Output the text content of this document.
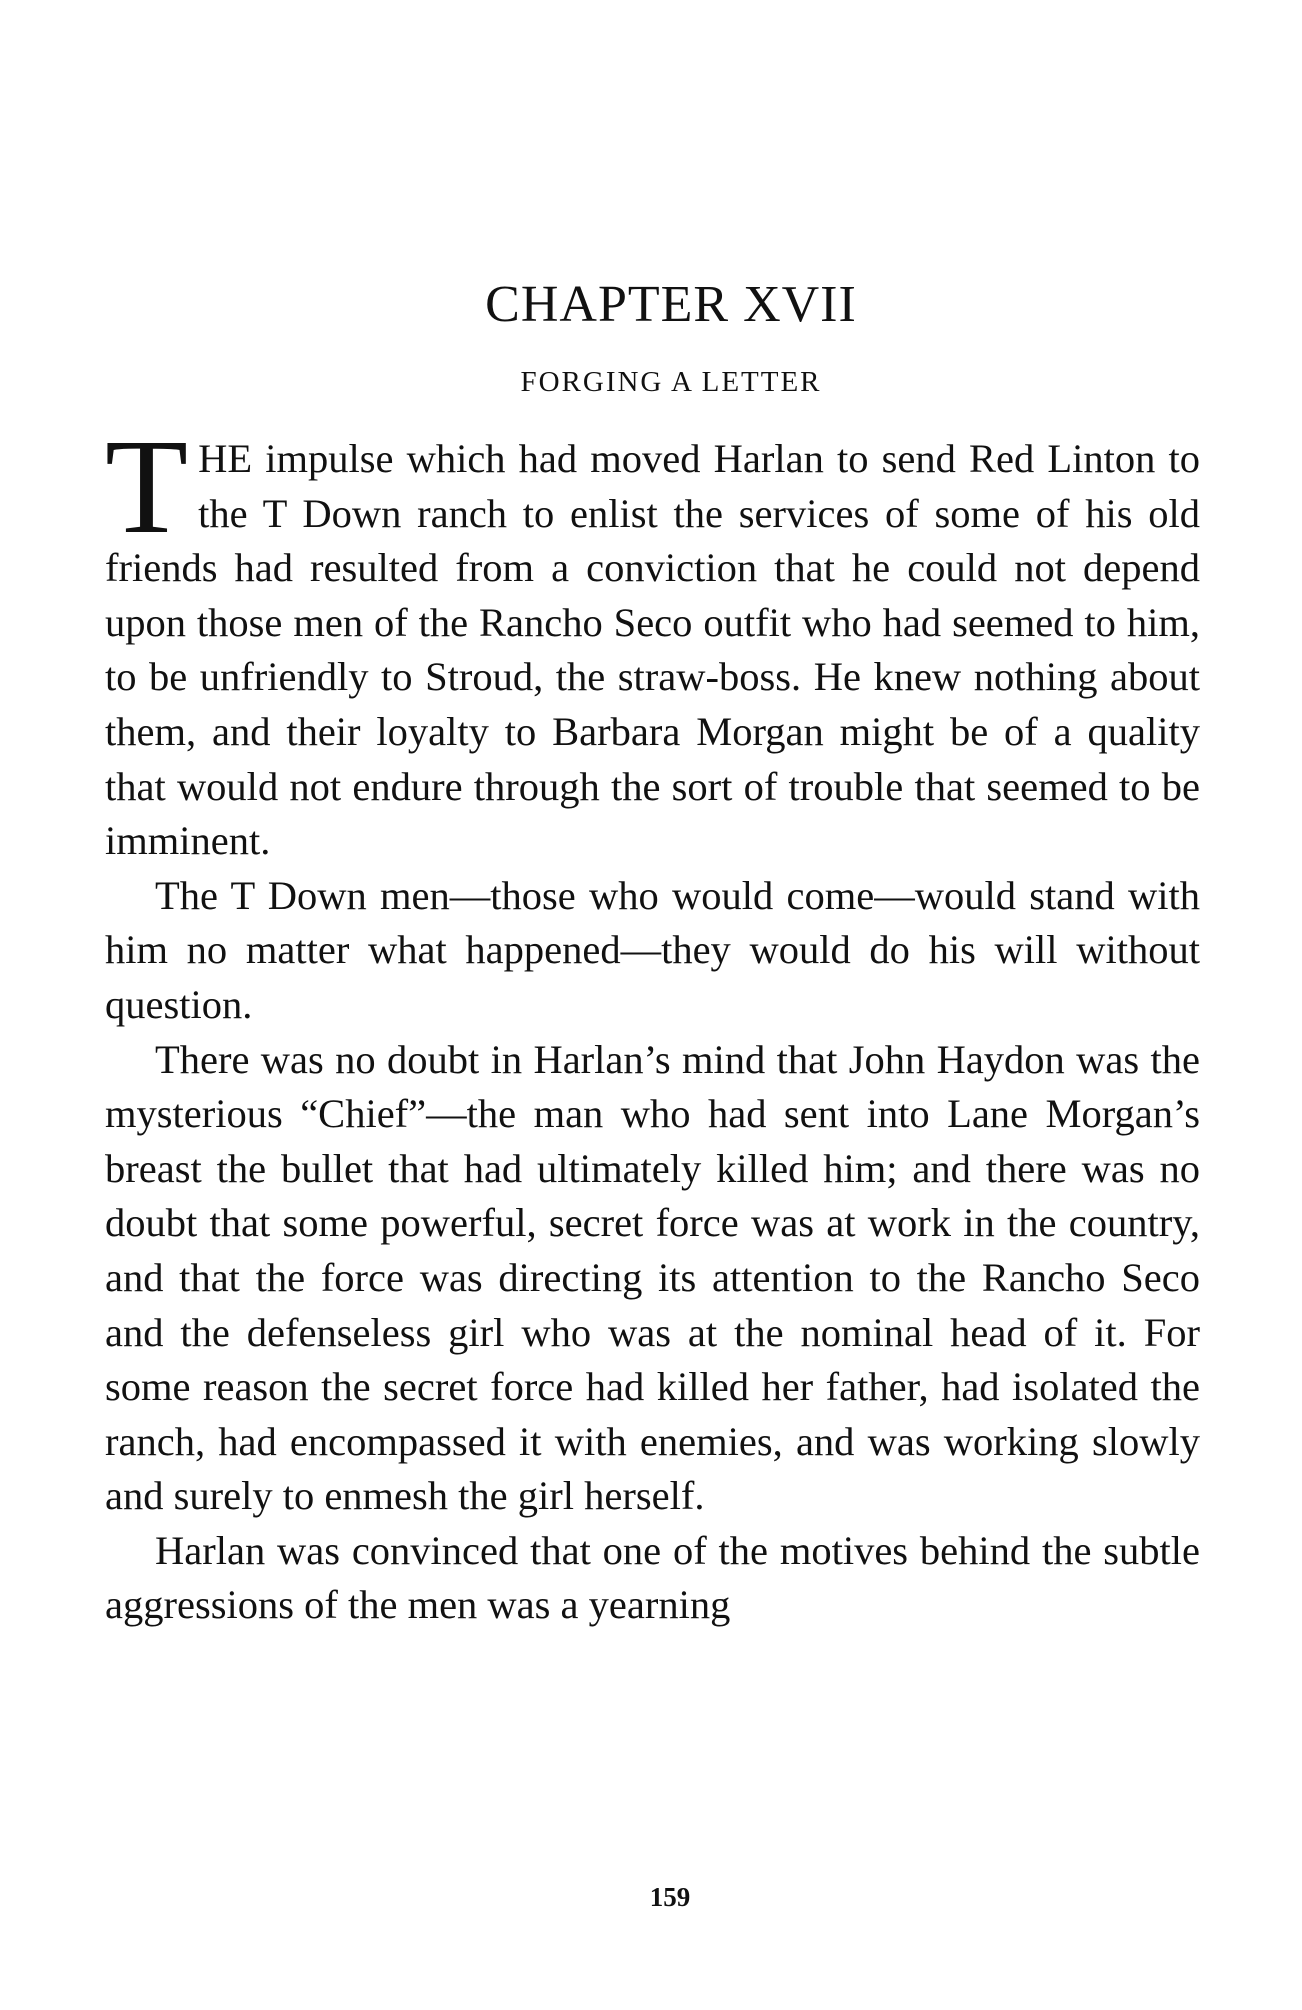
CHAPTER XVII
FORGING A LETTER

THE impulse which had moved Harlan to send Red Linton to the T Down ranch to enlist the services of some of his old friends had resulted from a conviction that he could not depend upon those men of the Rancho Seco outfit who had seemed to him, to be unfriendly to Stroud, the straw-boss. He knew nothing about them, and their loyalty to Barbara Morgan might be of a quality that would not endure through the sort of trouble that seemed to be imminent.

The T Down men—those who would come—would stand with him no matter what happened—they would do his will without question.

There was no doubt in Harlan’s mind that John Haydon was the mysterious “Chief”—the man who had sent into Lane Morgan’s breast the bullet that had ultimately killed him; and there was no doubt that some powerful, secret force was at work in the country, and that the force was directing its attention to the Rancho Seco and the defenseless girl who was at the nominal head of it. For some reason the secret force had killed her father, had isolated the ranch, had encompassed it with enemies, and was working slowly and surely to enmesh the girl herself.

Harlan was convinced that one of the motives behind the subtle aggressions of the men was a yearning

159
